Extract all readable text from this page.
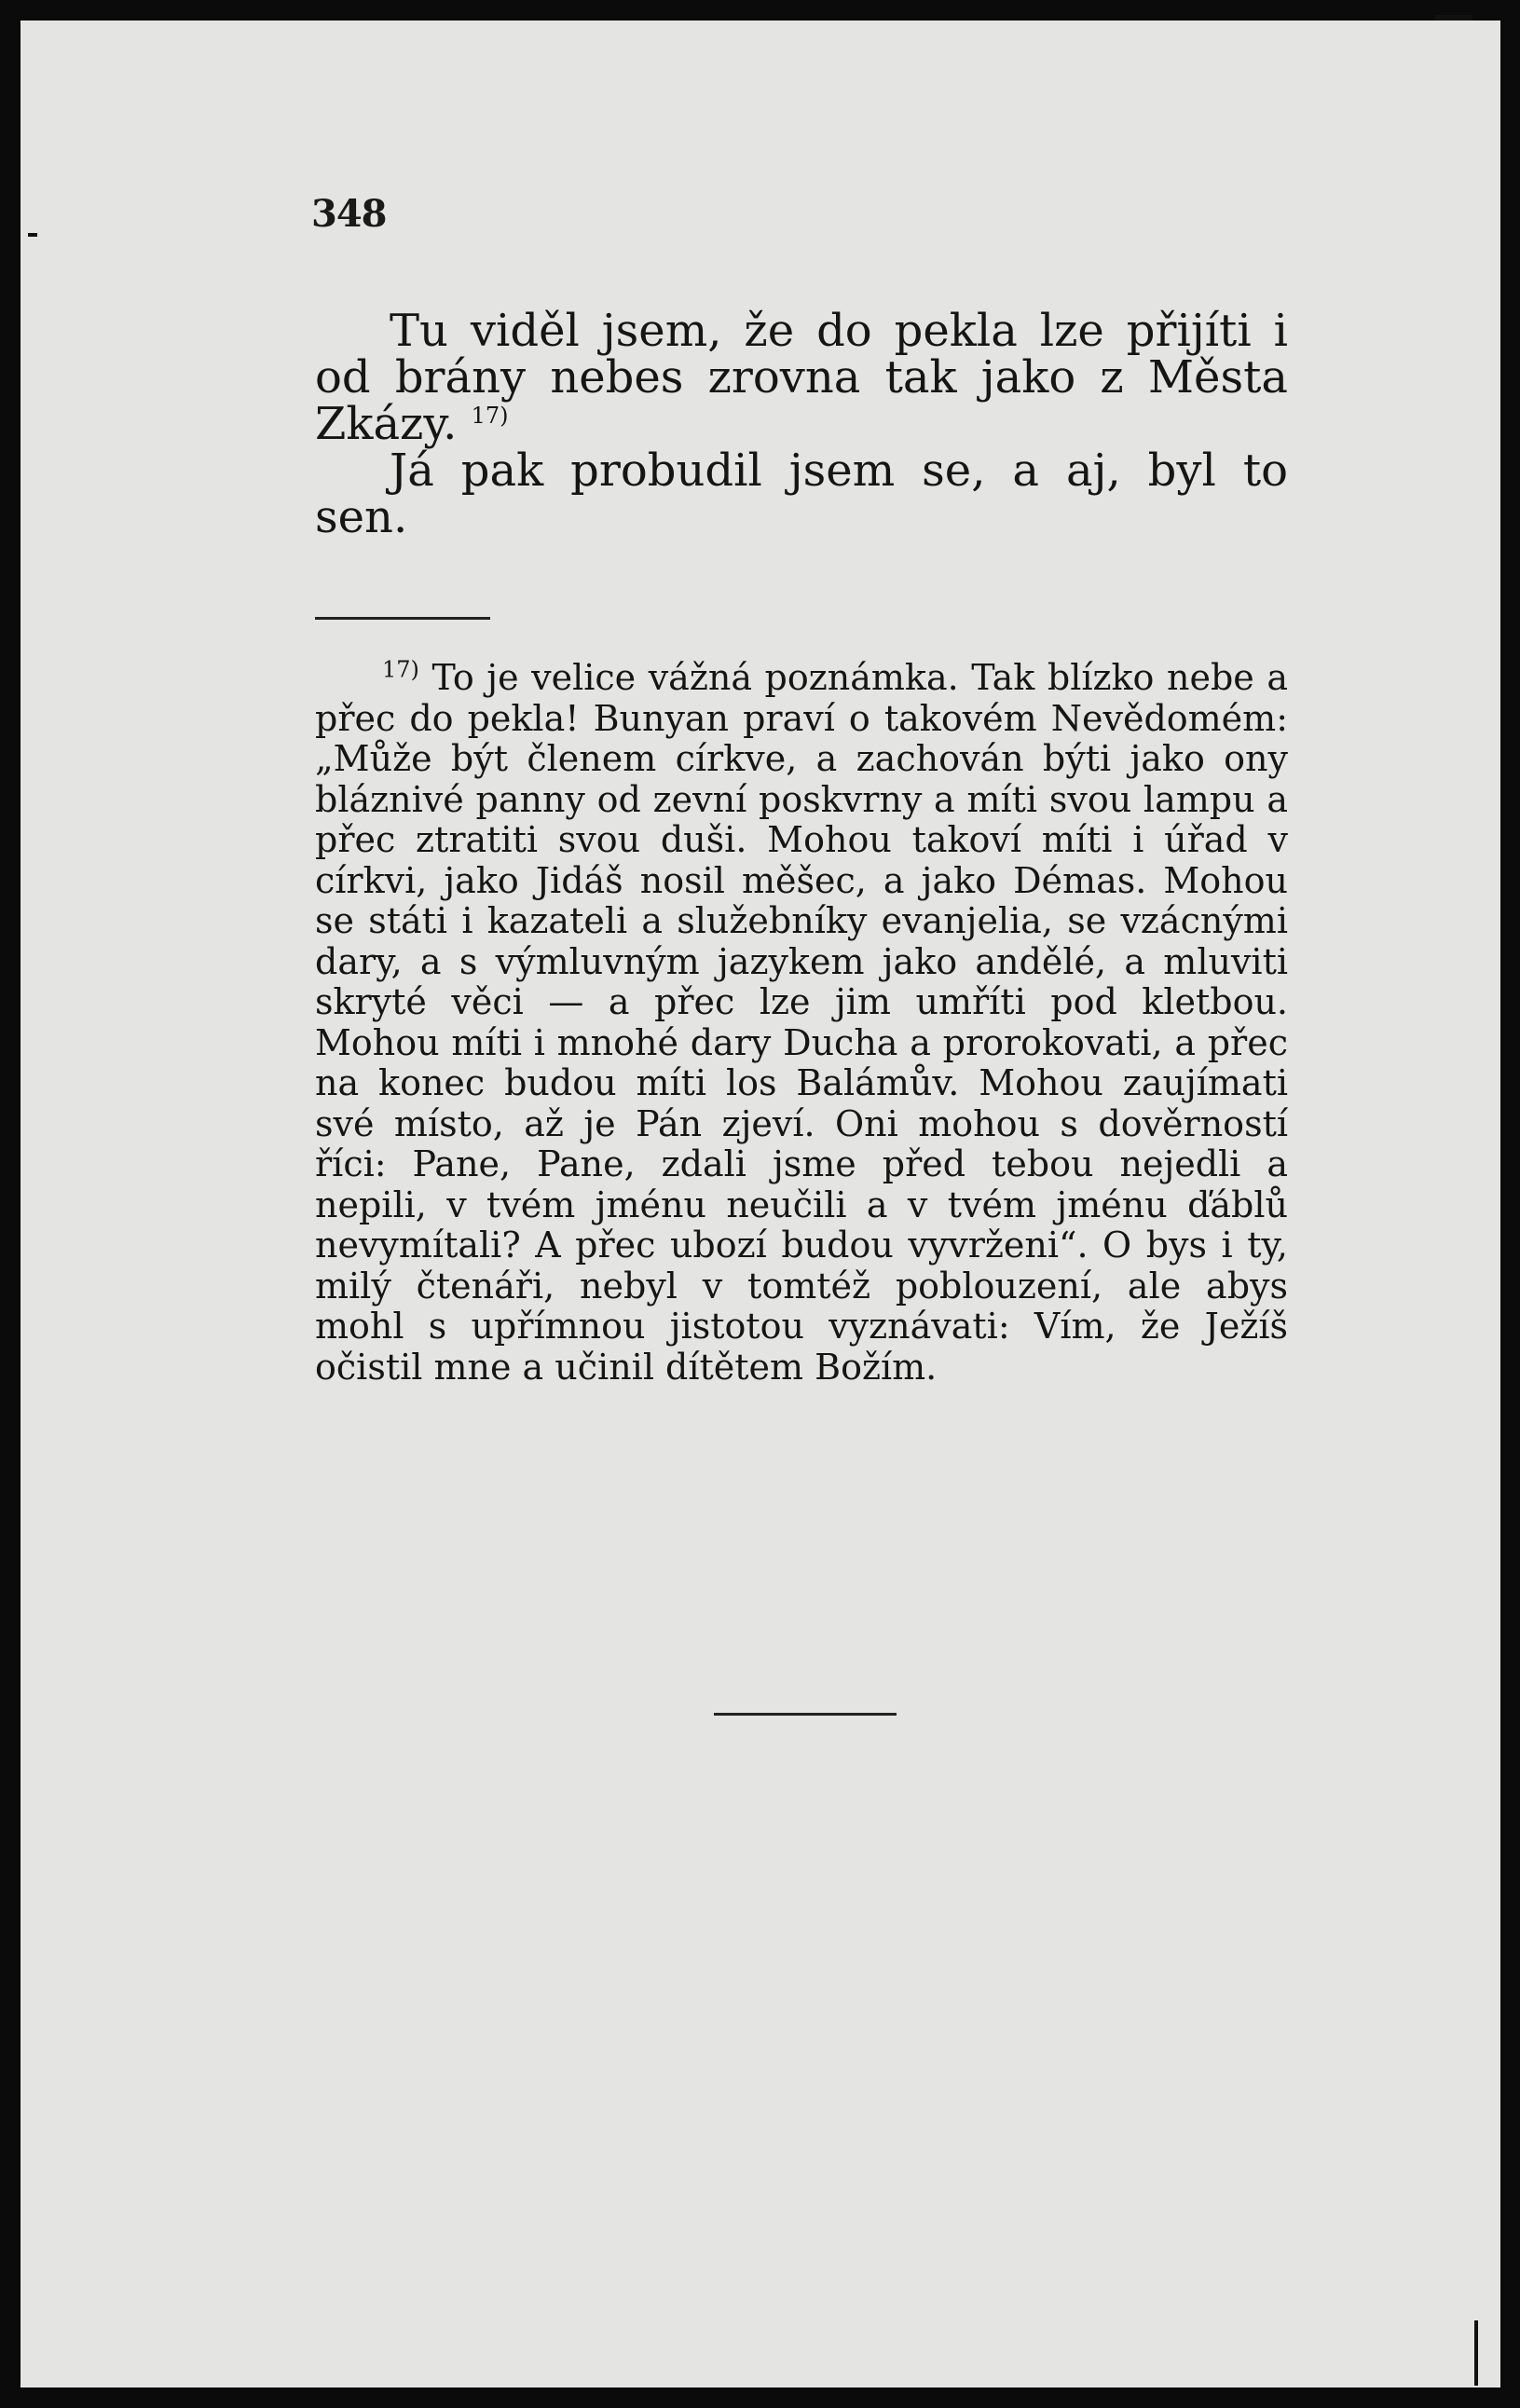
348

Tu viděl jsem, že do pekla lze přijíti i od brány nebes zrovna tak jako z Města Zkázy. $^{17)}$

Já pak probudil jsem se, a aj, byl to sen.

$^{17)}$ To je velice vážná poznámka. Tak blízko nebe a přec do pekla! Bunyan praví o takovém Nevědomém: „Může být členem církve, a zachován býti jako ony bláznivé panny od zevní poskvrny a míti svou lampu a přec ztratiti svou duši. Mohou takoví míti i úřad v církvi, jako Jidáš nosil měšec, a jako Démas. Mohou se státi i kazateli a služebníky evanjelia, se vzácnými dary, a s výmluvným jazykem jako andělé, a mluviti skryté věci — a přec lze jim umříti pod kletbou. Mohou míti i mnohé dary Ducha a prorokovati, a přec na konec budou míti los Balámův. Mohou zaujímati své místo, až je Pán zjeví. Oni mohou s dověrností říci: Pane, Pane, zdali jsme před tebou nejedli a nepili, v tvém jménu neučili a v tvém jménu ďáblů nevymítali? A přec ubozí budou vyvrženi“. O bys i ty, milý čtenáři, nebyl v tomtéž poblouzení, ale abys mohl s upřímnou jistotou vyznávati: Vím, že Ježíš očistil mne a učinil dítětem Božím.
